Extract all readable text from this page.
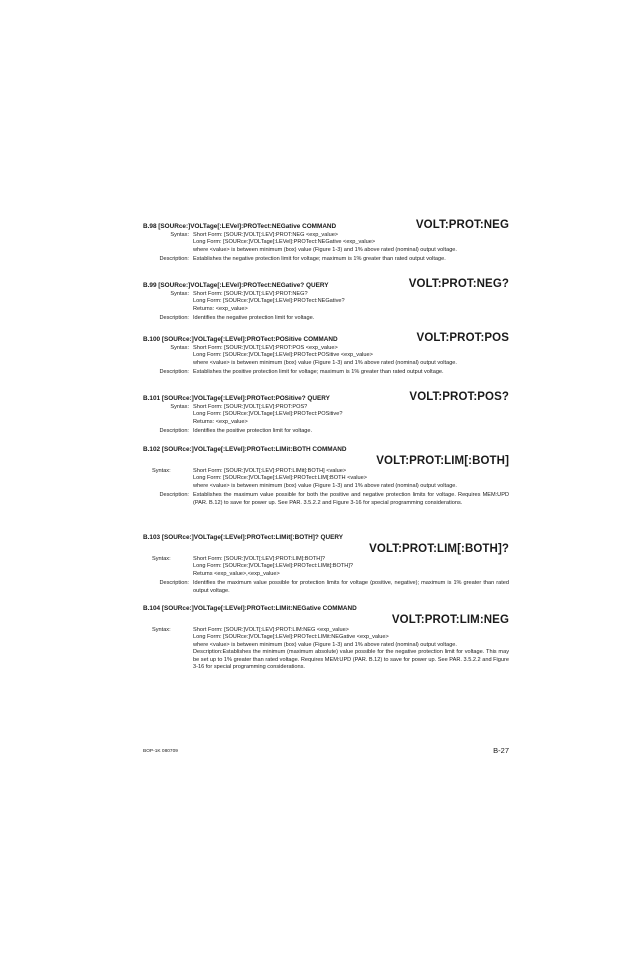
B.98 [SOURce:]VOLTage[:LEVel]:PROTect:NEGative COMMAND	VOLT:PROT:NEG
Syntax: Short Form: [SOUR:]VOLT[:LEV]:PROT:NEG <exp_value>
Long Form: [SOURce:]VOLTage[:LEVel]:PROTect:NEGative <exp_value>
where <value> is between minimum (box) value (Figure 1-3) and 1% above rated (nominal) output voltage.
Description: Establishes the negative protection limit for voltage; maximum is 1% greater than rated output voltage.
B.99 [SOURce:]VOLTage[:LEVel]:PROTect:NEGative? QUERY	VOLT:PROT:NEG?
Syntax: Short Form: [SOUR:]VOLT[:LEV]:PROT:NEG?
Long Form: [SOURce:]VOLTage[:LEVel]:PROTect:NEGative?
Returns: <exp_value>
Description: Identifies the negative protection limit for voltage.
B.100 [SOURce:]VOLTage[:LEVel]:PROTect:POSitive COMMAND	VOLT:PROT:POS
Syntax: Short Form: [SOUR:]VOLT[:LEV]:PROT:POS <exp_value>
Long Form: [SOURce:]VOLTage[:LEVel]:PROTect:POSitive <exp_value>
where <value> is between minimum (box) value (Figure 1-3) and 1% above rated (nominal) output voltage.
Description: Establishes the positive protection limit for voltage; maximum is 1% greater than rated output voltage.
B.101 [SOURce:]VOLTage[:LEVel]:PROTect:POSitive? QUERY	VOLT:PROT:POS?
Syntax: Short Form: [SOUR:]VOLT[:LEV]:PROT:POS?
Long Form: [SOURce:]VOLTage[:LEVel]:PROTect:POSitive?
Returns: <exp_value>
Description: Identifies the positive protection limit for voltage.
B.102 [SOURce:]VOLTage[:LEVel]:PROTect:LIMit:BOTH COMMAND
VOLT:PROT:LIM[:BOTH]
Syntax:	Short Form: [SOUR:]VOLT[:LEV]:PROT:LIMit[:BOTH] <value>
Long Form: [SOURce:]VOLTage[:LEVel]:PROTect:LIM[:BOTH <value>
where <value> is between minimum (box) value (Figure 1-3) and 1% above rated (nominal) output voltage.
Description: Establishes the maximum value possible for both the positive and negative protection limits for voltage. Requires MEM:UPD (PAR. B.12) to save for power up. See PAR. 3.5.2.2 and Figure 3-16 for special programming considerations.
B.103 [SOURce:]VOLTage[:LEVel]:PROTect:LIMit[:BOTH]? QUERY
VOLT:PROT:LIM[:BOTH]?
Syntax:	Short Form: [SOUR:]VOLT[:LEV]:PROT:LIM[:BOTH]?
Long Form: [SOURce:]VOLTage[:LEVel]:PROTect:LIMit[:BOTH]?
Returns <exp_value>,<exp_value>
Description: Identifies the maximum value possible for protection limits for voltage (positive, negative); maximum is 1% greater than rated output voltage.
B.104 [SOURce:]VOLTage[:LEVel]:PROTect:LIMit:NEGative COMMAND
VOLT:PROT:LIM:NEG
Syntax:	Short Form: [SOUR:]VOLT[:LEV]:PROT:LIM:NEG <exp_value>
Long Form: [SOURce:]VOLTage[:LEVel]:PROTect:LIMit:NEGative <exp_value>
where <value> is between minimum (box) value (Figure 1-3) and 1% above rated (nominal) output voltage.
Description:Establishes the minimum (maximum absolute) value possible for the negative protection limit for voltage. This may be set up to 1% greater than rated voltage. Requires MEM:UPD (PAR. B.12) to save for power up. See PAR. 3.5.2.2 and Figure 3-16 for special programming considerations.
BOP-1K 080709	B-27
